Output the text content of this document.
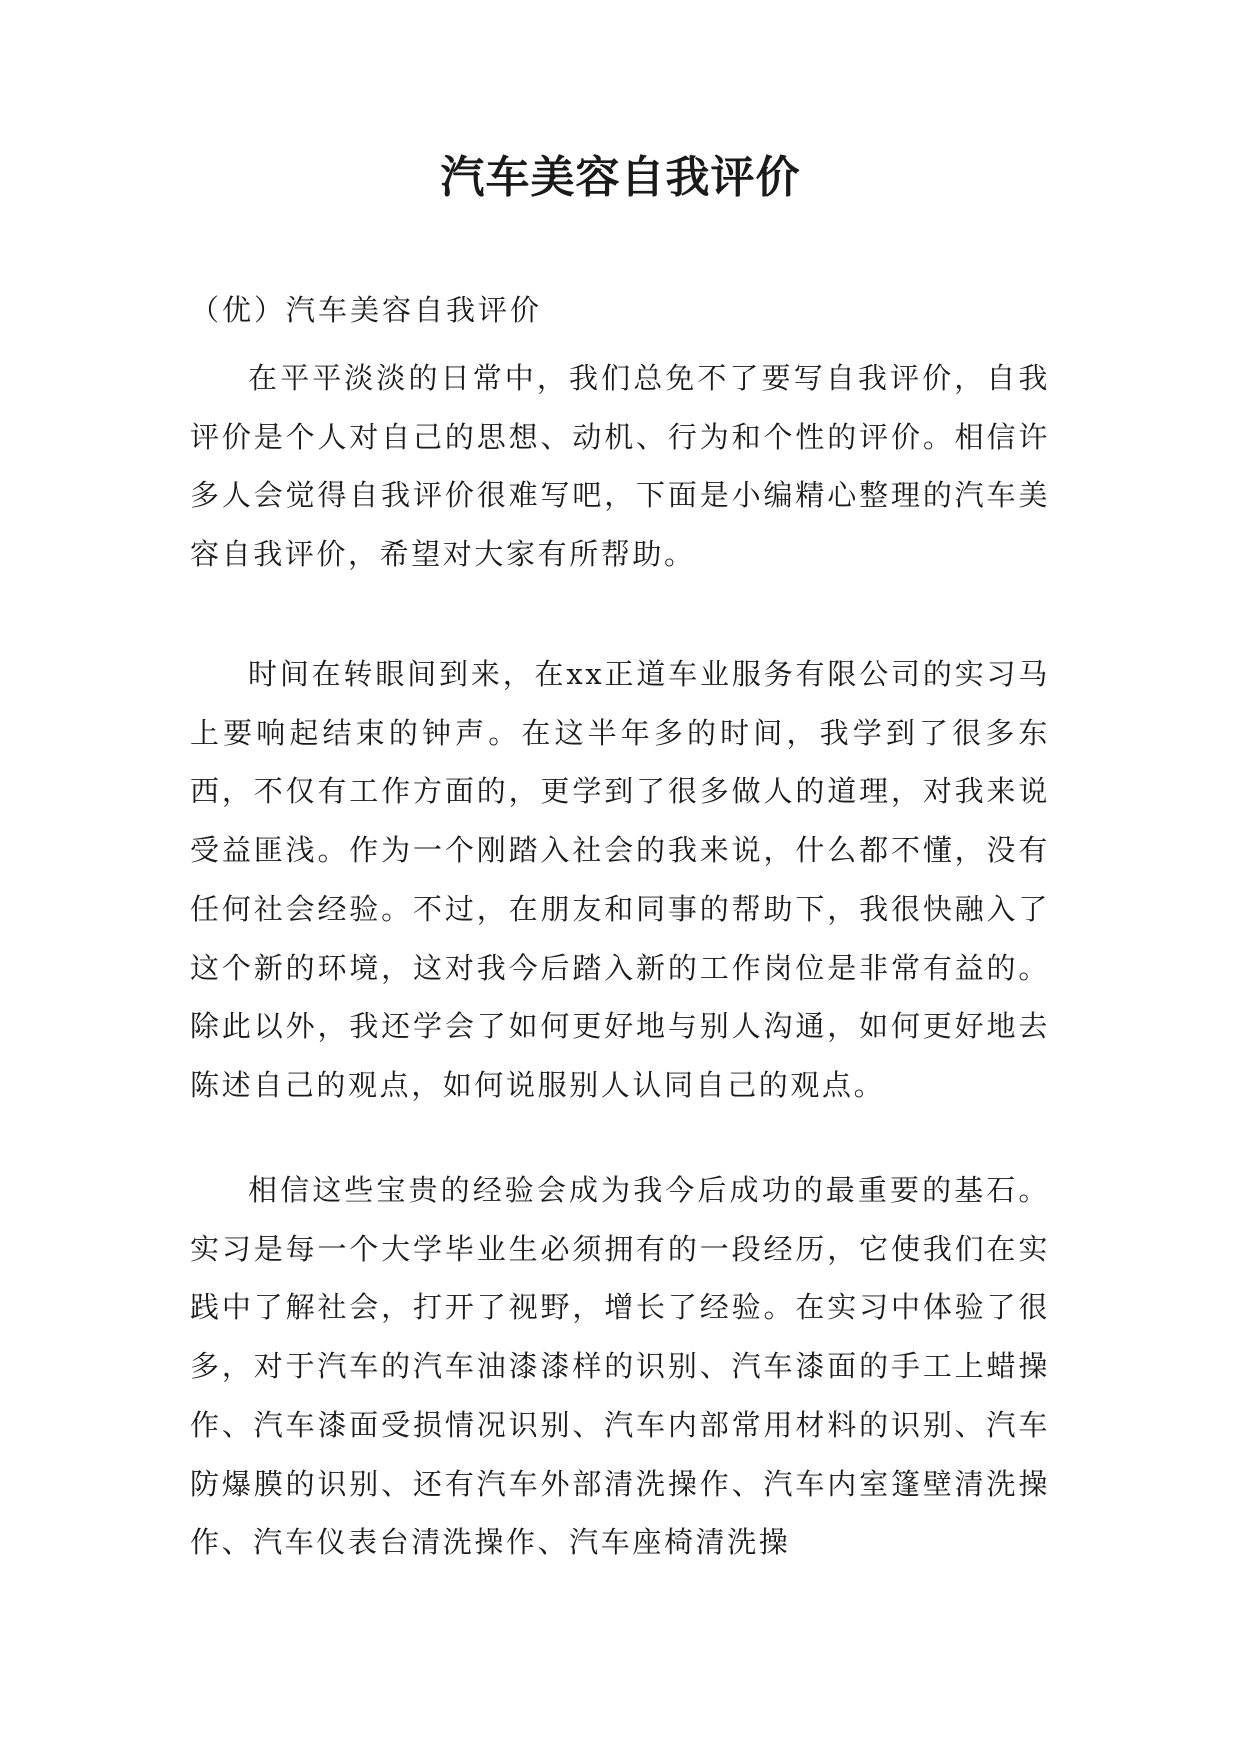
汽车美容自我评价
（优）汽车美容自我评价

在平平淡淡的日常中，我们总免不了要写自我评价，自我评价是个人对自己的思想、动机、行为和个性的评价。相信许多人会觉得自我评价很难写吧，下面是小编精心整理的汽车美容自我评价，希望对大家有所帮助。

时间在转眼间到来，在xx正道车业服务有限公司的实习马上要响起结束的钟声。在这半年多的时间，我学到了很多东西，不仅有工作方面的，更学到了很多做人的道理，对我来说受益匪浅。作为一个刚踏入社会的我来说，什么都不懂，没有任何社会经验。不过，在朋友和同事的帮助下，我很快融入了这个新的环境，这对我今后踏入新的工作岗位是非常有益的。除此以外，我还学会了如何更好地与别人沟通，如何更好地去陈述自己的观点，如何说服别人认同自己的观点。

相信这些宝贵的经验会成为我今后成功的最重要的基石。实习是每一个大学毕业生必须拥有的一段经历，它使我们在实践中了解社会，打开了视野，增长了经验。在实习中体验了很多，对于汽车的汽车油漆漆样的识别、汽车漆面的手工上蜡操作、汽车漆面受损情况识别、汽车内部常用材料的识别、汽车防爆膜的识别、还有汽车外部清洗操作、汽车内室篷壁清洗操作、汽车仪表台清洗操作、汽车座椅清洗操
